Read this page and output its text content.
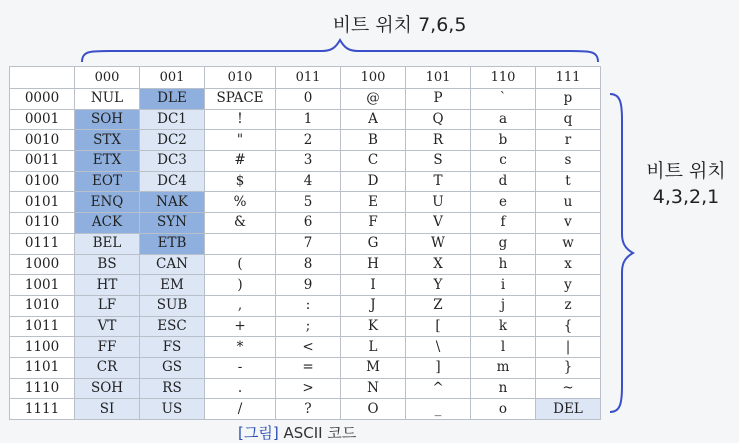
비트 위치 7,6,5
비트 위치
4,3,2,1
	000	001	010	011	100	101	110	111
0000	NUL	DLE	SPACE	0	@	P	`	p
0001	SOH	DC1	!	1	A	Q	a	q
0010	STX	DC2	"	2	B	R	b	r
0011	ETX	DC3	#	3	C	S	c	s
0100	EOT	DC4	$	4	D	T	d	t
0101	ENQ	NAK	%	5	E	U	e	u
0110	ACK	SYN	&	6	F	V	f	v
0111	BEL	ETB		7	G	W	g	w
1000	BS	CAN	(	8	H	X	h	x
1001	HT	EM	)	9	I	Y	i	y
1010	LF	SUB	,	:	J	Z	j	z
1011	VT	ESC	+	;	K	[	k	{
1100	FF	FS	*	<	L	\	l	|
1101	CR	GS	-	=	M	]	m	}
1110	SOH	RS	.	>	N	^	n	~
1111	SI	US	/	?	O	_	o	DEL
[그림] ASCII 코드
